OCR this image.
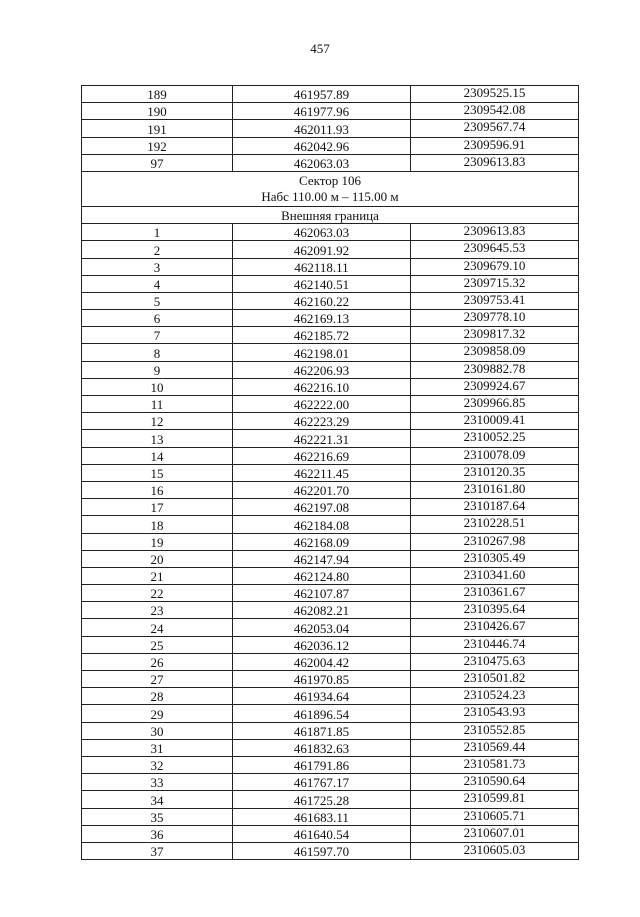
457
189	461957.89	2309525.15
190	461977.96	2309542.08
191	462011.93	2309567.74
192	462042.96	2309596.91
97	462063.03	2309613.83

Сектор 106
Набс 110.00 м – 115.00 м		

Внешняя граница		
1	462063.03	2309613.83
2	462091.92	2309645.53
3	462118.11	2309679.10
4	462140.51	2309715.32
5	462160.22	2309753.41
6	462169.13	2309778.10
7	462185.72	2309817.32
8	462198.01	2309858.09
9	462206.93	2309882.78
10	462216.10	2309924.67
11	462222.00	2309966.85
12	462223.29	2310009.41
13	462221.31	2310052.25
14	462216.69	2310078.09
15	462211.45	2310120.35
16	462201.70	2310161.80
17	462197.08	2310187.64
18	462184.08	2310228.51
19	462168.09	2310267.98
20	462147.94	2310305.49
21	462124.80	2310341.60
22	462107.87	2310361.67
23	462082.21	2310395.64
24	462053.04	2310426.67
25	462036.12	2310446.74
26	462004.42	2310475.63
27	461970.85	2310501.82
28	461934.64	2310524.23
29	461896.54	2310543.93
30	461871.85	2310552.85
31	461832.63	2310569.44
32	461791.86	2310581.73
33	461767.17	2310590.64
34	461725.28	2310599.81
35	461683.11	2310605.71
36	461640.54	2310607.01
37	461597.70	2310605.03
